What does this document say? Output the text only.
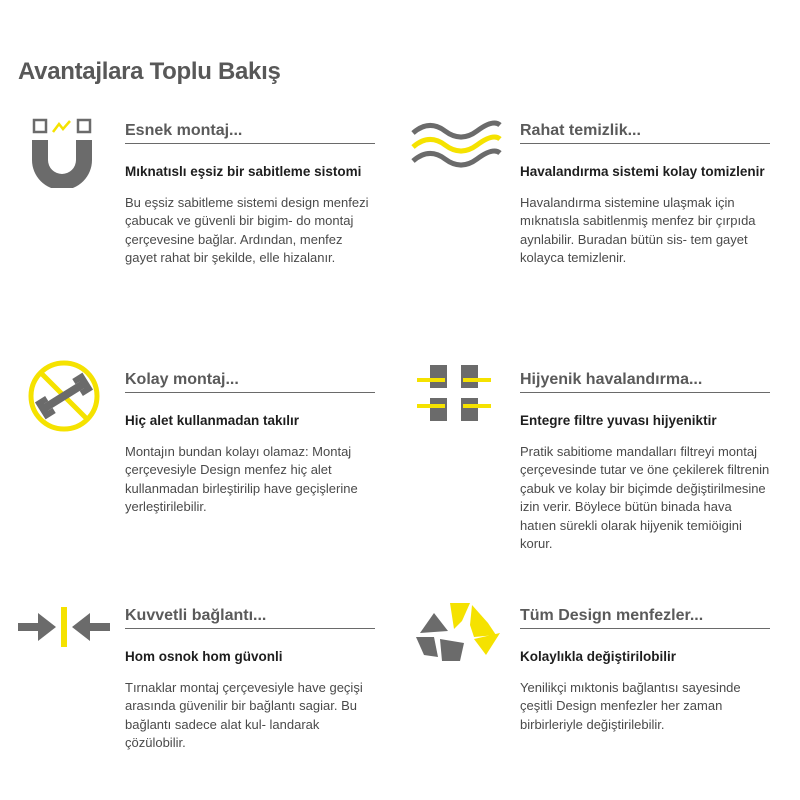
Avantajlara Toplu Bakış
Esnek montaj...

Mıknatıslı eşsiz bir sabitleme sistomi

Bu eşsiz sabitleme sistemi design menfezi çabucak ve güvenli bir bigim- do montaj çerçevesine bağlar. Ardından, menfez gayet rahat bir şekilde, elle hizalanır.

Rahat temizlik...

Havalandırma sistemi kolay tomizlenir

Havalandırma sistemine ulaşmak için mıknatısla sabitlenmiş menfez bir çırpıda aynlabilir. Buradan bütün sis- tem gayet kolayca temizlenir.

Kolay montaj...

Hiç alet kullanmadan takılır

Montajın bundan kolayı olamaz: Montaj çerçevesiyle Design menfez hiç alet kullanmadan birleştirilip have geçişlerine yerleştirilebilir.

Hijyenik havalandırma...

Entegre filtre yuvası hijyeniktir

Pratik sabitiome mandalları filtreyi montaj çerçevesinde tutar ve öne çekilerek filtrenin çabuk ve kolay bir biçimde değiştirilmesine izin verir. Böylece bütün binada hava hatıen sürekli olarak hijyenik temiöigini korur.

Kuvvetli bağlantı...

Hom osnok hom güvonli

Tırnaklar montaj çerçevesiyle have geçişi arasında güvenilir bir bağlantı sagiar. Bu bağlantı sadece alat kul- landarak çözülobilir.

Tüm Design menfezler...

Kolaylıkla değiştirilobilir

Yenilikçi mıktonis bağlantısı sayesinde çeşitli Design menfezler her zaman birbirleriyle değiştirilebilir.
